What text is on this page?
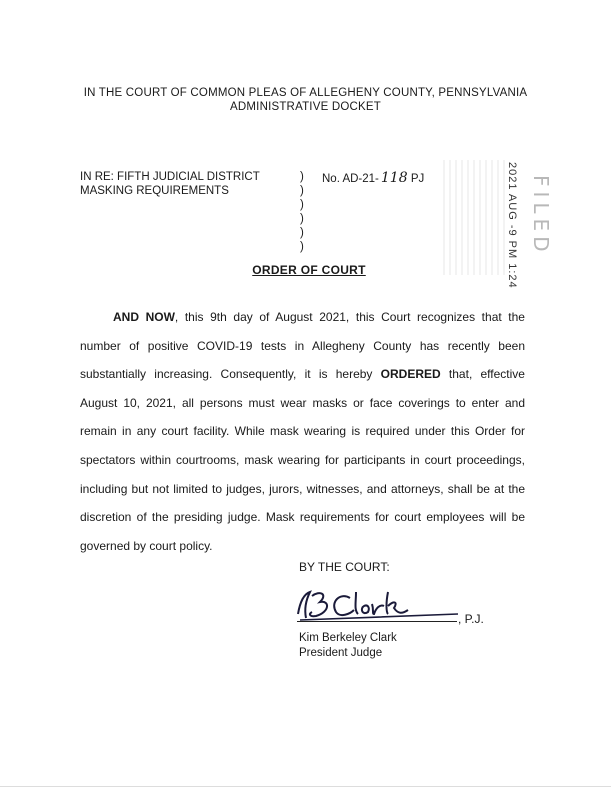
IN THE COURT OF COMMON PLEAS OF ALLEGHENY COUNTY, PENNSYLVANIA
ADMINISTRATIVE DOCKET
IN RE: FIFTH JUDICIAL DISTRICT
MASKING REQUIREMENTS
)
)
)
)
)
)
No. AD-21- 118 PJ	2021 AUG -9 PM 1:24 FILED
ORDER OF COURT

AND NOW, this 9th day of August 2021, this Court recognizes that the number of positive COVID-19 tests in Allegheny County has recently been substantially increasing. Consequently, it is hereby ORDERED that, effective August 10, 2021, all persons must wear masks or face coverings to enter and remain in any court facility. While mask wearing is required under this Order for spectators within courtrooms, mask wearing for participants in court proceedings, including but not limited to judges, jurors, witnesses, and attorneys, shall be at the discretion of the presiding judge. Mask requirements for court employees will be governed by court policy.

BY THE COURT:
, P.J.
Kim Berkeley Clark
President Judge
